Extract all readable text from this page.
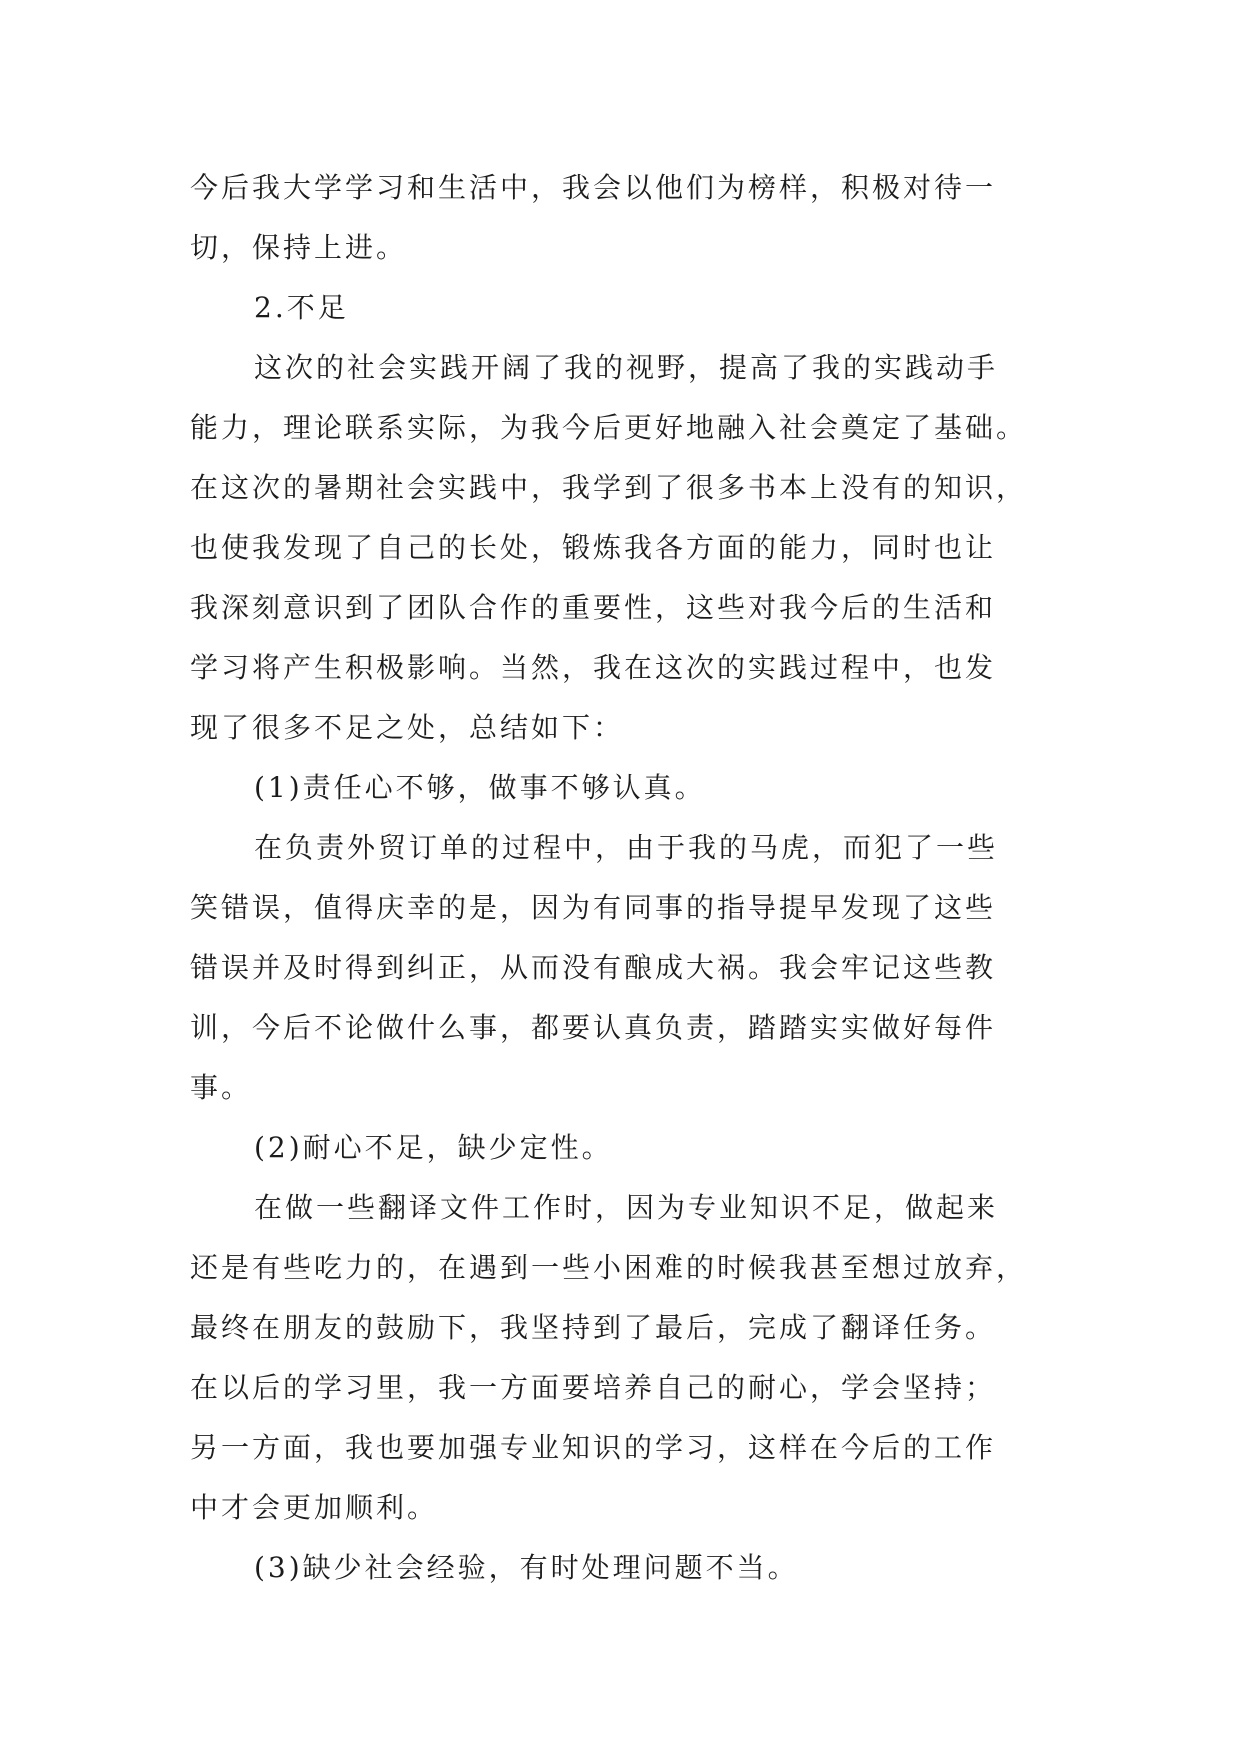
今后我大学学习和生活中，我会以他们为榜样，积极对待一
切，保持上进。
2.不足
这次的社会实践开阔了我的视野，提高了我的实践动手
能力，理论联系实际，为我今后更好地融入社会奠定了基础。
在这次的暑期社会实践中，我学到了很多书本上没有的知识，
也使我发现了自己的长处，锻炼我各方面的能力，同时也让
我深刻意识到了团队合作的重要性，这些对我今后的生活和
学习将产生积极影响。当然，我在这次的实践过程中，也发
现了很多不足之处，总结如下：
(1)责任心不够，做事不够认真。
在负责外贸订单的过程中，由于我的马虎，而犯了一些
笑错误，值得庆幸的是，因为有同事的指导提早发现了这些
错误并及时得到纠正，从而没有酿成大祸。我会牢记这些教
训，今后不论做什么事，都要认真负责，踏踏实实做好每件
事。
(2)耐心不足，缺少定性。
在做一些翻译文件工作时，因为专业知识不足，做起来
还是有些吃力的，在遇到一些小困难的时候我甚至想过放弃，
最终在朋友的鼓励下，我坚持到了最后，完成了翻译任务。
在以后的学习里，我一方面要培养自己的耐心，学会坚持；
另一方面，我也要加强专业知识的学习，这样在今后的工作
中才会更加顺利。
(3)缺少社会经验，有时处理问题不当。
